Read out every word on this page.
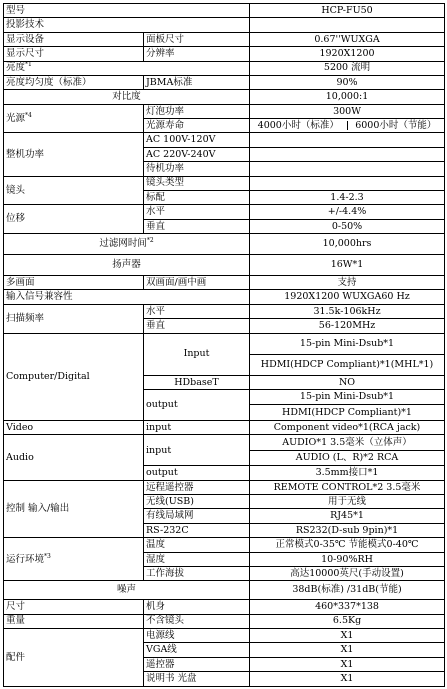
型号		HCP-FU50
投影技术		
显示设备	面板尺寸	0.67''WUXGA
显示尺寸	分辨率	1920X1200
亮度$^{*1}$		5200 流明
亮度均匀度（标准）	JBMA标准	90%
对比度		10,000:1
光源$^{*4}$	灯泡功率	300W
	光源寿命	4000小时（标准） 6000小时（节能）

整机功率	AC 100V-120V	
	AC 220V-240V	
	待机功率	
镜头	镜头类型	
	标配	1.4-2.3
位移	水平	+/-4.4%
	垂直	0-50%
过滤网时间$^{*2}$		10,000hrs
扬声器		16W*1
多画面	双画面/画中画	支持
输入信号兼容性		1920X1200 WUXGA60 Hz
扫描频率	水平	31.5k-106kHz
	垂直	56-120MHz
Computer/Digital	Input	15-pin Mini-Dsub*1
		HDMI(HDCP Compliant)*1(MHL*1)
	HDbaseT	NO
	output	15-pin Mini-Dsub*1
		HDMI(HDCP Compliant)*1
Video	input	Component video*1(RCA jack)
Audio	input	AUDIO*1 3.5毫米（立体声）
		AUDIO (L、R)*2 RCA
	output	3.5mm接口*1
控制 输入/输出	远程遥控器	REMOTE CONTROL*2 3.5毫米
	无线(USB)	用于无线
	有线局域网	RJ45*1
	RS-232C	RS232(D-sub 9pin)*1
运行环境$^{*3}$	温度	正常模式0-35℃ 节能模式0-40℃
	湿度	10-90%RH
	工作海拔	高达10000英尺(手动设置)
噪声		38dB(标准) /31dB(节能)
尺寸	机身	460*337*138
重量	不含镜头	6.5Kg
配件	电源线	X1
	VGA线	X1
	遥控器	X1
	说明书 光盘	X1
